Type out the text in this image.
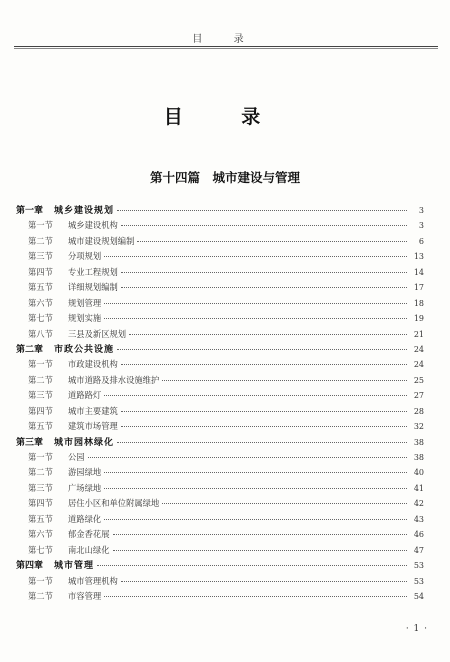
目 录
目 录
第十四篇　城市建设与管理
第一章	城乡建设规划	3
第一节	城乡建设机构	3
第二节	城市建设规划编制	6
第三节	分项规划	13
第四节	专业工程规划	14
第五节	详细规划编制	17
第六节	规划管理	18
第七节	规划实施	19
第八节	三县及新区规划	21
第二章	市政公共设施	24
第一节	市政建设机构	24
第二节	城市道路及排水设施维护	25
第三节	道路路灯	27
第四节	城市主要建筑	28
第五节	建筑市场管理	32
第三章	城市园林绿化	38
第一节	公园	38
第二节	游园绿地	40
第三节	广场绿地	41
第四节	居住小区和单位附属绿地	42
第五节	道路绿化	43
第六节	郁金香花展	46
第七节	南北山绿化	47
第四章	城市管理	53
第一节	城市管理机构	53
第二节	市容管理	54
· 1 ·
